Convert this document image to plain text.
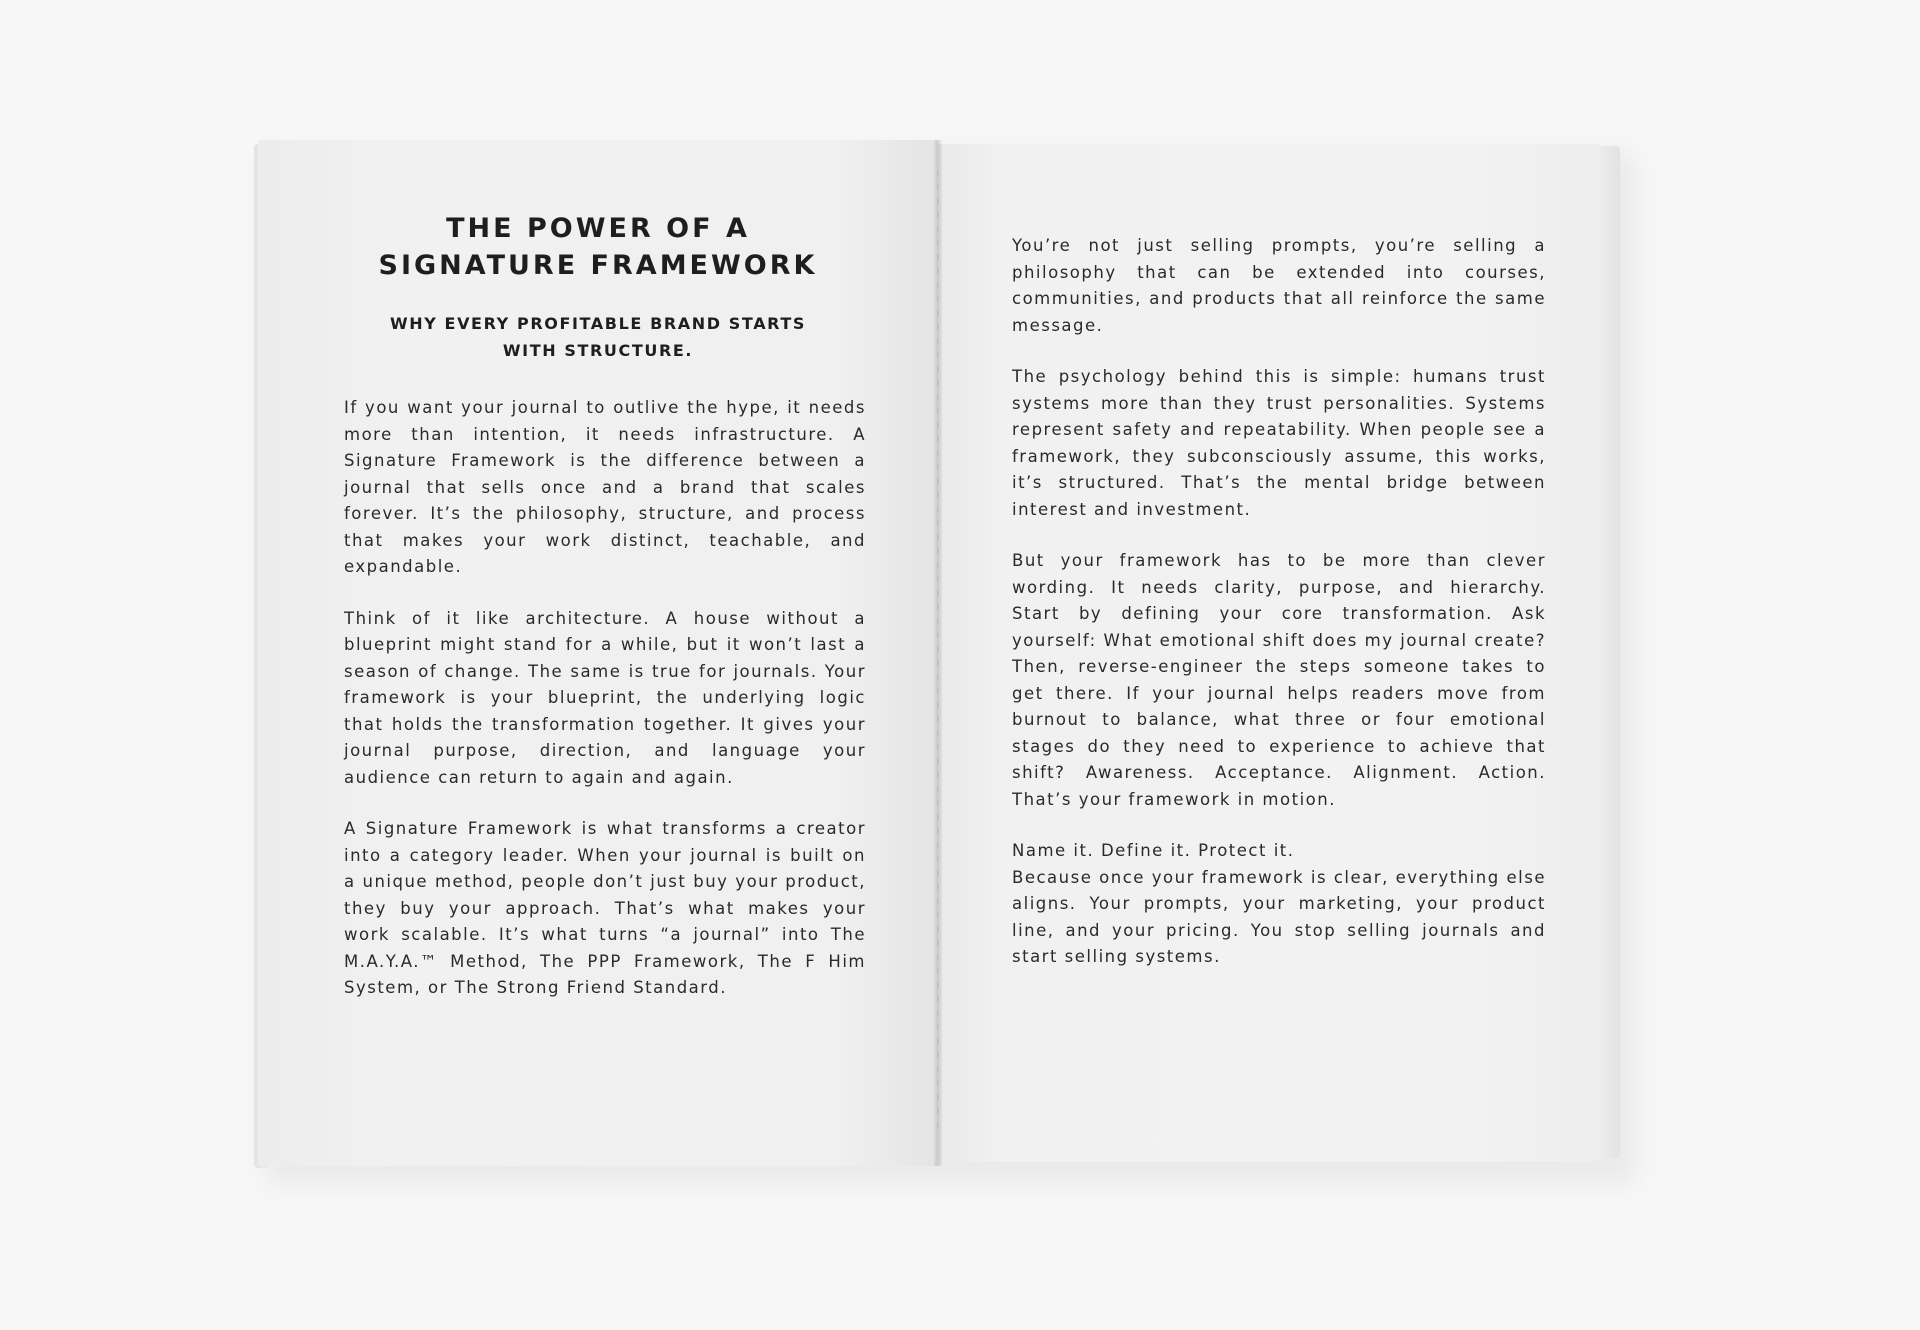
THE POWER OF A
SIGNATURE FRAMEWORK
WHY EVERY PROFITABLE BRAND STARTS
WITH STRUCTURE.

If you want your journal to outlive the hype, it needs more than intention, it needs infrastructure. A Signature Framework is the difference between a journal that sells once and a brand that scales forever. It’s the philosophy, structure, and process that makes your work distinct, teachable, and expandable.

Think of it like architecture. A house without a blueprint might stand for a while, but it won’t last a season of change. The same is true for journals. Your framework is your blueprint, the underlying logic that holds the transformation together. It gives your journal purpose, direction, and language your audience can return to again and again.

A Signature Framework is what transforms a creator into a category leader. When your journal is built on a unique method, people don’t just buy your product, they buy your approach. That’s what makes your work scalable. It’s what turns “a journal” into The M.A.Y.A.™ Method, The PPP Framework, The F Him System, or The Strong Friend Standard.

You’re not just selling prompts, you’re selling a philosophy that can be extended into courses, communities, and products that all reinforce the same message.

The psychology behind this is simple: humans trust systems more than they trust personalities. Systems represent safety and repeatability. When people see a framework, they subconsciously assume, this works, it’s structured. That’s the mental bridge between interest and investment.

But your framework has to be more than clever wording. It needs clarity, purpose, and hierarchy. Start by defining your core transformation. Ask yourself: What emotional shift does my journal create? Then, reverse-engineer the steps someone takes to get there. If your journal helps readers move from burnout to balance, what three or four emotional stages do they need to experience to achieve that shift? Awareness. Acceptance. Alignment. Action. That’s your framework in motion.

Name it. Define it. Protect it.

Because once your framework is clear, everything else aligns. Your prompts, your marketing, your product line, and your pricing. You stop selling journals and start selling systems.
